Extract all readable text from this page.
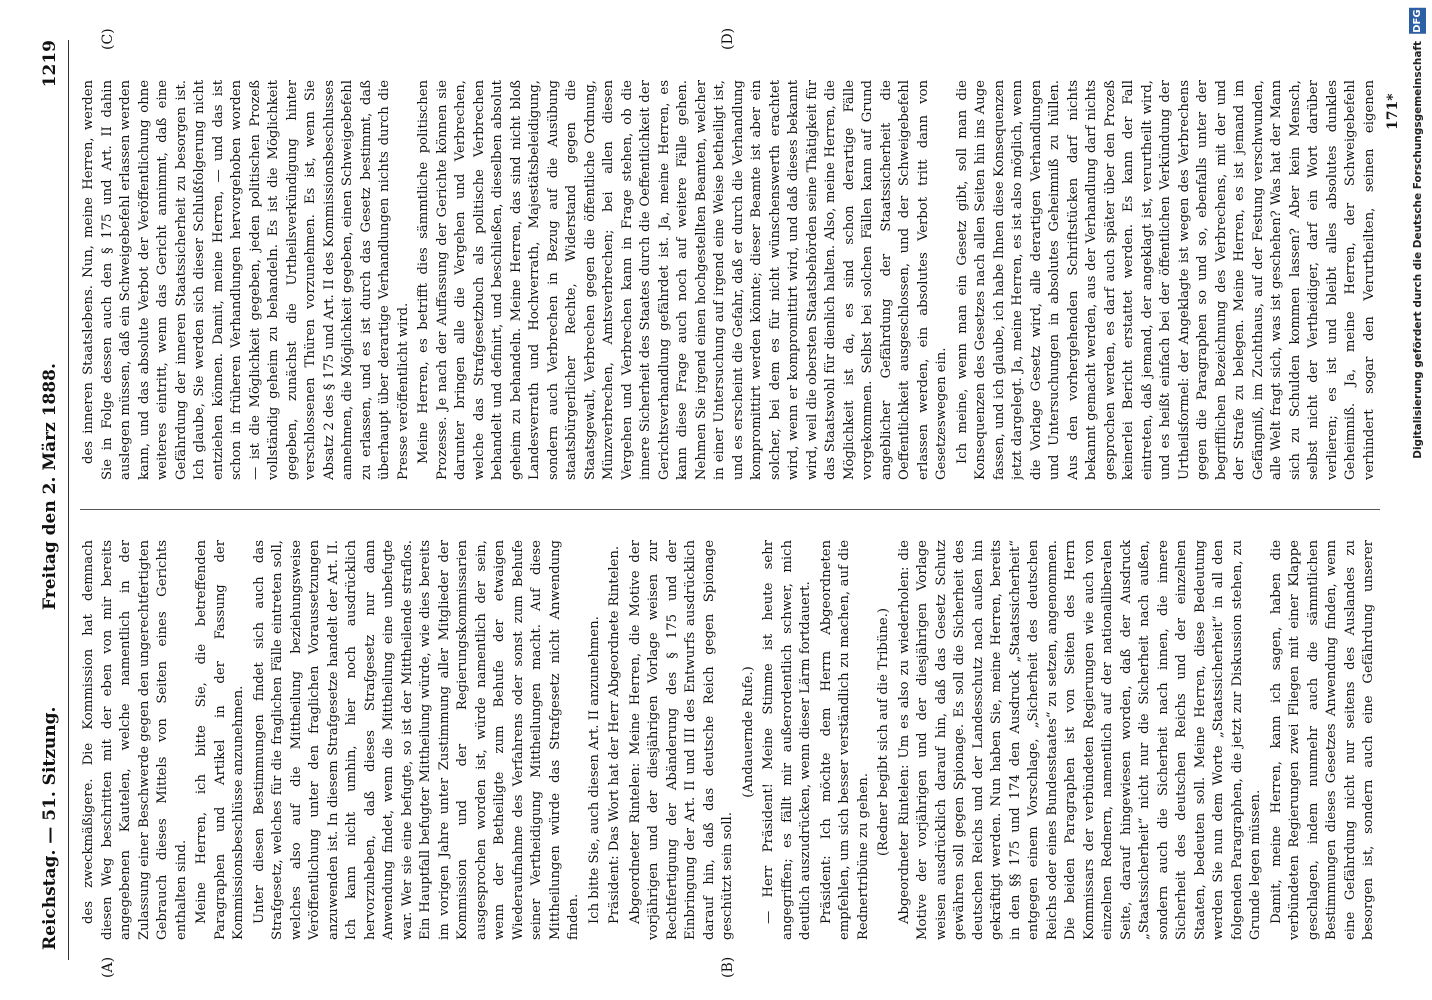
Reichstag. — 51. Sitzung.
Freitag den 2. März 1888.
1219
(A)	(B)
(C)	(D)

des zweckmäßigere. Die Kommission hat demnach diesen Weg beschritten mit der eben von mir bereits angegebenen Kautelen, welche namentlich in der Zulassung einer Beschwerde gegen den ungerechtfertigten Gebrauch dieses Mittels von Seiten eines Gerichts enthalten sind. Meine Herren, ich bitte Sie, die betreffenden Paragraphen und Artikel in der Fassung der Kommissionsbeschlüsse anzunehmen. Unter diesen Bestimmungen findet sich auch das Strafgesetz, welches für die fraglichen Fälle eintreten soll, welches also auf die Mittheilung beziehungsweise Veröffentlichung unter den fraglichen Voraussetzungen anzuwenden ist. In diesem Strafgesetze handelt der Art. II. Ich kann nicht umhin, hier noch ausdrücklich hervorzuheben, daß dieses Strafgesetz nur dann Anwendung findet, wenn die Mittheilung eine unbefugte war. Wer sie eine befugte, so ist der Mittheilende straflos. Ein Hauptfall befugter Mittheilung würde, wie dies bereits im vorigen Jahre unter Zustimmung aller Mitglieder der Kommission und der Regierungskommissarien ausgesprochen worden ist, würde namentlich der sein, wenn der Betheiligte zum Behufe der etwaigen Wiederaufnahme des Verfahrens oder sonst zum Behufe seiner Vertheidigung Mittheilungen macht. Auf diese Mittheilungen würde das Strafgesetz nicht Anwendung finden. Ich bitte Sie, auch diesen Art. II anzunehmen. Präsident: Das Wort hat der Herr Abgeordnete Rintelen. Abgeordneter Rintelen: Meine Herren, die Motive der vorjährigen und der diesjährigen Vorlage weisen zur Rechtfertigung der Abänderung des § 175 und der Einbringung der Art. II und III des Entwurfs ausdrücklich darauf hin, daß das deutsche Reich gegen Spionage geschützt sein soll.

(Andauernde Rufe.) — Herr Präsident! Meine Stimme ist heute sehr angegriffen; es fällt mir außerordentlich schwer, mich deutlich auszudrücken, wenn dieser Lärm fortdauert. Präsident: Ich möchte dem Herrn Abgeordneten empfehlen, um sich besser verständlich zu machen, auf die Rednertribüne zu gehen.

(Redner begibt sich auf die Tribüne.) Abgeordneter Rintelen: Um es also zu wiederholen: die Motive der vorjährigen und der diesjährigen Vorlage weisen ausdrücklich darauf hin, daß das Gesetz Schutz gewähren soll gegen Spionage. Es soll die Sicherheit des deutschen Reichs und der Landesschutz nach außen hin gekräftigt werden. Nun haben Sie, meine Herren, bereits in den §§ 175 und 174 den Ausdruck „Staatssicherheit“ entgegen einem Vorschlage, „Sicherheit des deutschen Reichs oder eines Bundesstaates“ zu setzen, angenommen. Die beiden Paragraphen ist von Seiten des Herrn Kommissars der verbündeten Regierungen wie auch von einzelnen Rednern, namentlich auf der nationalliberalen Seite, darauf hingewiesen worden, daß der Ausdruck „Staatssicherheit“ nicht nur die Sicherheit nach außen, sondern auch die Sicherheit nach innen, die innere Sicherheit des deutschen Reichs und der einzelnen Staaten, bedeuten soll. Meine Herren, diese Bedeutung werden Sie nun dem Worte „Staatssicherheit“ in all den folgenden Paragraphen, die jetzt zur Diskussion stehen, zu Grunde legen müssen. Damit, meine Herren, kann ich sagen, haben die verbündeten Regierungen zwei Fliegen mit einer Klappe geschlagen, indem nunmehr auch die sämmtlichen Bestimmungen dieses Gesetzes Anwendung finden, wenn eine Gefährdung nicht nur seitens des Auslandes zu besorgen ist, sondern auch eine Gefährdung unserer

des inneren Staatslebens. Nun, meine Herren, werden Sie in Folge dessen auch den § 175 und Art. II dahin auslegen müssen, daß ein Schweigebefehl erlassen werden kann, und das absolute Verbot der Veröffentlichung ohne weiteres eintritt, wenn das Gericht annimmt, daß eine Gefährdung der inneren Staatssicherheit zu besorgen ist. Ich glaube, Sie werden sich dieser Schlußfolgerung nicht entziehen können. Damit, meine Herren, — und das ist schon in früheren Verhandlungen hervorgehoben worden — ist die Möglichkeit gegeben, jeden politischen Prozeß vollständig geheim zu behandeln. Es ist die Möglichkeit gegeben, zunächst die Urtheilsverkündigung hinter verschlossenen Thüren vorzunehmen. Es ist, wenn Sie Absatz 2 des § 175 und Art. II des Kommissionsbeschlusses annehmen, die Möglichkeit gegeben, einen Schweigebefehl zu erlassen, und es ist durch das Gesetz bestimmt, daß überhaupt über derartige Verhandlungen nichts durch die Presse veröffentlicht wird. Meine Herren, es betrifft dies sämmtliche politischen Prozesse. Je nach der Auffassung der Gerichte können sie darunter bringen alle die Vergehen und Verbrechen, welche das Strafgesetzbuch als politische Verbrechen behandelt und definirt, und beschließen, dieselben absolut geheim zu behandeln. Meine Herren, das sind nicht bloß Landesverrath und Hochverrath, Majestätsbeleidigung, sondern auch Verbrechen in Bezug auf die Ausübung staatsbürgerlicher Rechte, Widerstand gegen die Staatsgewalt, Verbrechen gegen die öffentliche Ordnung, Münzverbrechen, Amtsverbrechen; bei allen diesen Vergehen und Verbrechen kann in Frage stehen, ob die innere Sicherheit des Staates durch die Oeffentlichkeit der Gerichtsverhandlung gefährdet ist. Ja, meine Herren, es kann diese Frage auch noch auf weitere Fälle gehen. Nehmen Sie irgend einen hochgestellten Beamten, welcher in einer Untersuchung auf irgend eine Weise betheiligt ist, und es erscheint die Gefahr, daß er durch die Verhandlung kompromittirt werden könnte; dieser Beamte ist aber ein solcher, bei dem es für nicht wünschenswerth erachtet wird, wenn er kompromittirt wird, und daß dieses bekannt wird, weil die obersten Staatsbehörden seine Thätigkeit für das Staatswohl für dienlich halten. Also, meine Herren, die Möglichkeit ist da, es sind schon derartige Fälle vorgekommen. Selbst bei solchen Fällen kann auf Grund angeblicher Gefährdung der Staatssicherheit die Oeffentlichkeit ausgeschlossen, und der Schweigebefehl erlassen werden, ein absolutes Verbot tritt dann von Gesetzeswegen ein. Ich meine, wenn man ein Gesetz gibt, soll man die Konsequenzen des Gesetzes nach allen Seiten hin ins Auge fassen, und ich glaube, ich habe Ihnen diese Konsequenzen jetzt dargelegt. Ja, meine Herren, es ist also möglich, wenn die Vorlage Gesetz wird, alle derartigen Verhandlungen und Untersuchungen in absolutes Geheimniß zu hüllen. Aus den vorhergehenden Schriftstücken darf nichts bekannt gemacht werden, aus der Verhandlung darf nichts gesprochen werden, es darf auch später über den Prozeß keinerlei Bericht erstattet werden. Es kann der Fall eintreten, daß jemand, der angeklagt ist, verurtheilt wird, und es heißt einfach bei der öffentlichen Verkündung der Urtheilsformel: der Angeklagte ist wegen des Verbrechens gegen die Paragraphen so und so, ebenfalls unter der begrifflichen Bezeichnung des Verbrechens, mit der und der Strafe zu belegen. Meine Herren, es ist jemand im Gefängniß, im Zuchthaus, auf der Festung verschwunden, alle Welt fragt sich, was ist geschehen? Was hat der Mann sich zu Schulden kommen lassen? Aber kein Mensch, selbst nicht der Vertheidiger, darf ein Wort darüber verlieren; es ist und bleibt alles absolutes dunkles Geheimniß. Ja, meine Herren, der Schweigebefehl verhindert sogar den Verurtheilten, seinen eigenen 171* Digitalisierung gefördert durch die Deutsche Forschungsgemeinschaft DFG
